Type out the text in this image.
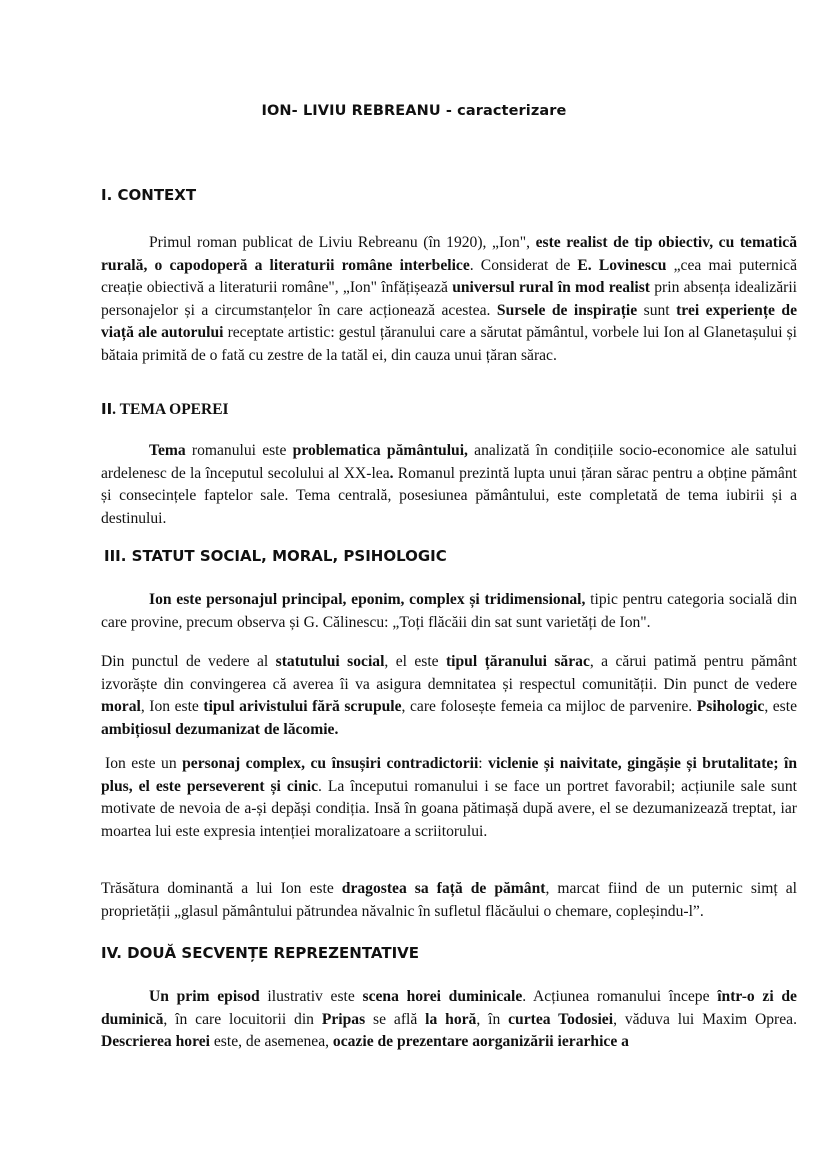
ION- LIVIU REBREANU - caracterizare
I. CONTEXT

Primul roman publicat de Liviu Rebreanu (în 1920), „Ion", este realist de tip obiectiv, cu tematică rurală, o capodoperă a literaturii române interbelice. Considerat de E. Lovinescu „cea mai puternică creație obiectivă a literaturii române", „Ion" înfățișează universul rural în mod realist prin absența idealizării personajelor și a circumstanțelor în care acționează acestea. Sursele de inspirație sunt trei experiențe de viață ale autorului receptate artistic: gestul țăranului care a sărutat pământul, vorbele lui Ion al Glanetașului și bătaia primită de o fată cu zestre de la tatăl ei, din cauza unui țăran sărac.

II. TEMA OPEREI

Tema romanului este problematica pământului, analizată în condițiile socio-economice ale satului ardelenesc de la începutul secolului al XX-lea. Romanul prezintă lupta unui țăran sărac pentru a obține pământ și consecințele faptelor sale. Tema centrală, posesiunea pământului, este completată de tema iubirii și a destinului.

III. STATUT SOCIAL, MORAL, PSIHOLOGIC

Ion este personajul principal, eponim, complex și tridimensional, tipic pentru categoria socială din care provine, precum observa și G. Călinescu: „Toți flăcăii din sat sunt varietăți de Ion".

Din punctul de vedere al statutului social, el este tipul țăranului sărac, a cărui patimă pentru pământ izvorăște din convingerea că averea îi va asigura demnitatea și respectul comunității. Din punct de vedere moral, Ion este tipul arivistului fără scrupule, care folosește femeia ca mijloc de parvenire. Psihologic, este ambițiosul dezumanizat de lăcomie.

Ion este un personaj complex, cu însușiri contradictorii: viclenie și naivitate, gingășie și brutalitate; în plus, el este perseverent și cinic. La începutui romanului i se face un portret favorabil; acțiunile sale sunt motivate de nevoia de a-și depăși condiția. Insă în goana pătimașă după avere, el se dezumanizează treptat, iar moartea lui este expresia intenției moralizatoare a scriitorului.

Trăsătura dominantă a lui Ion este dragostea sa față de pământ, marcat fiind de un puternic simț al proprietății „glasul pământului pătrundea năvalnic în sufletul flăcăului o chemare, copleșindu-l”.

IV. DOUĂ SECVENȚE REPREZENTATIVE

Un prim episod ilustrativ este scena horei duminicale. Acțiunea romanului începe într-o zi de duminică, în care locuitorii din Pripas se află la horă, în curtea Todosiei, văduva lui Maxim Oprea. Descrierea horei este, de asemenea, ocazie de prezentare aorganizării ierarhice a
